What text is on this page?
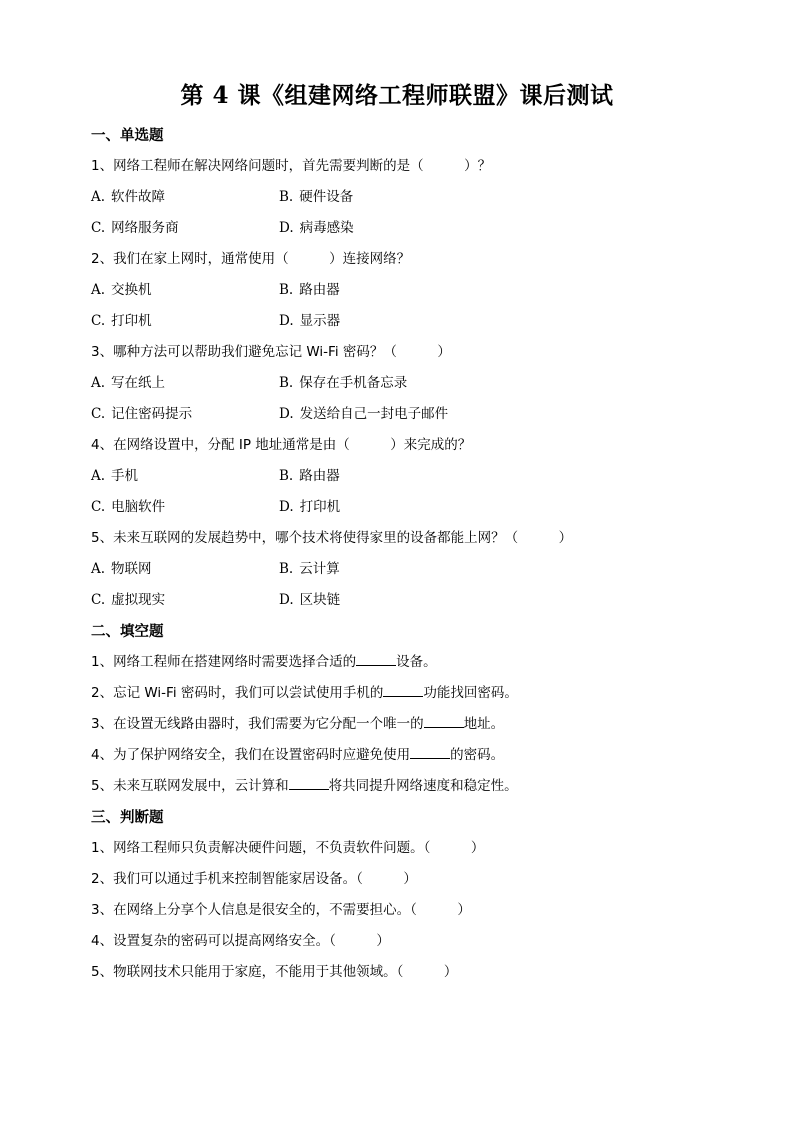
第 4 课《组建网络工程师联盟》课后测试
一、单选题
1、网络工程师在解决网络问题时，首先需要判断的是（　　　）？
A. 软件故障	B. 硬件设备
C. 网络服务商	D. 病毒感染
2、我们在家上网时，通常使用（　　　）连接网络？
A. 交换机	B. 路由器
C. 打印机	D. 显示器
3、哪种方法可以帮助我们避免忘记 Wi-Fi 密码？（　　　）
A. 写在纸上	B. 保存在手机备忘录
C. 记住密码提示	D. 发送给自己一封电子邮件
4、在网络设置中，分配 IP 地址通常是由（　　　）来完成的？
A. 手机	B. 路由器
C. 电脑软件	D. 打印机
5、未来互联网的发展趋势中，哪个技术将使得家里的设备都能上网？（　　　）
A. 物联网	B. 云计算
C. 虚拟现实	D. 区块链
二、填空题
1、网络工程师在搭建网络时需要选择合适的	设备。
2、忘记 Wi-Fi 密码时，我们可以尝试使用手机的	功能找回密码。
3、在设置无线路由器时，我们需要为它分配一个唯一的	地址。
4、为了保护网络安全，我们在设置密码时应避免使用	的密码。
5、未来互联网发展中，云计算和	将共同提升网络速度和稳定性。
三、判断题
1、网络工程师只负责解决硬件问题，不负责软件问题。（　　　）
2、我们可以通过手机来控制智能家居设备。（　　　）
3、在网络上分享个人信息是很安全的，不需要担心。（　　　）
4、设置复杂的密码可以提高网络安全。（　　　）
5、物联网技术只能用于家庭，不能用于其他领域。（　　　）
